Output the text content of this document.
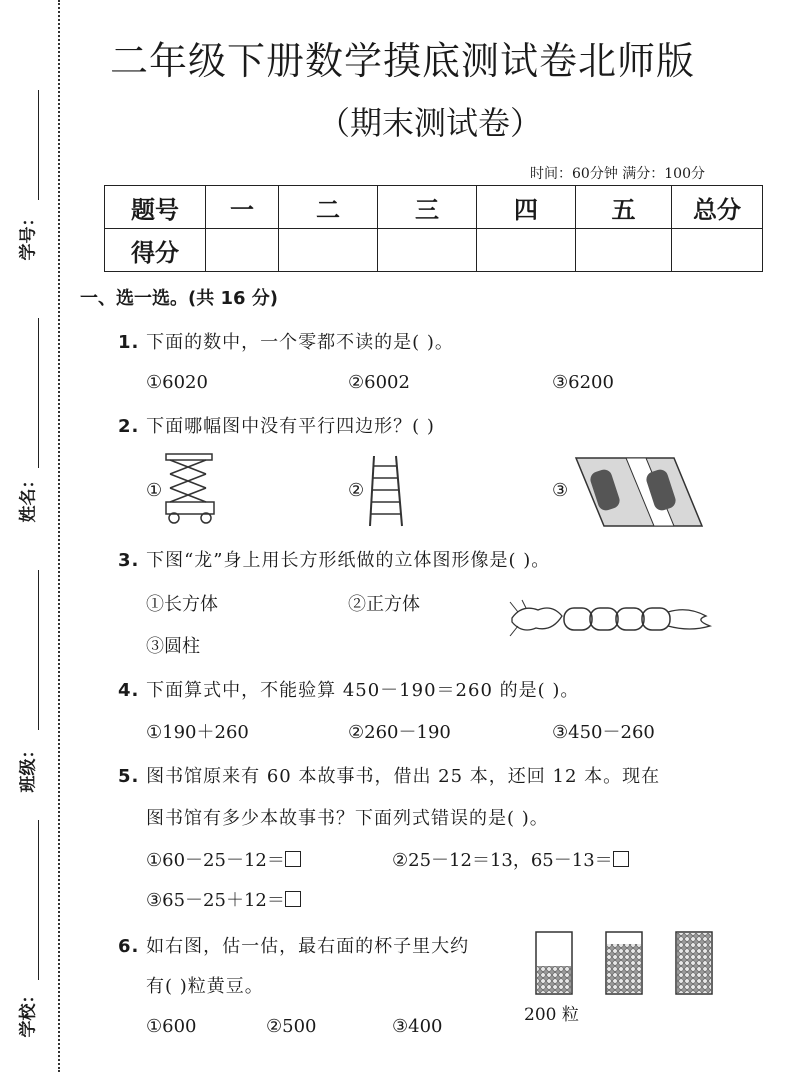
学号：
姓名：
班级：
学校：
二年级下册数学摸底测试卷北师版
（期末测试卷）
时间：60分钟 满分：100分
题号	一	二	三	四	五	总分
得分						
一、选一选。(共 16 分)
1. 下面的数中，一个零都不读的是( )。
①6020	②6002	③6200
2. 下面哪幅图中没有平行四边形？( )
①	②	③
3. 下图“龙”身上用长方形纸做的立体图形像是( )。
①长方体	②正方体
③圆柱
4. 下面算式中，不能验算 450－190＝260 的是( )。
①190＋260	②260－190	③450－260
5. 图书馆原来有 60 本故事书，借出 25 本，还回 12 本。现在
图书馆有多少本故事书？下面列式错误的是( )。
①60－25－12＝	②25－12＝13，65－13＝
③65－25＋12＝
6. 如右图，估一估，最右面的杯子里大约
有( )粒黄豆。
①600	②500	③400
200 粒
